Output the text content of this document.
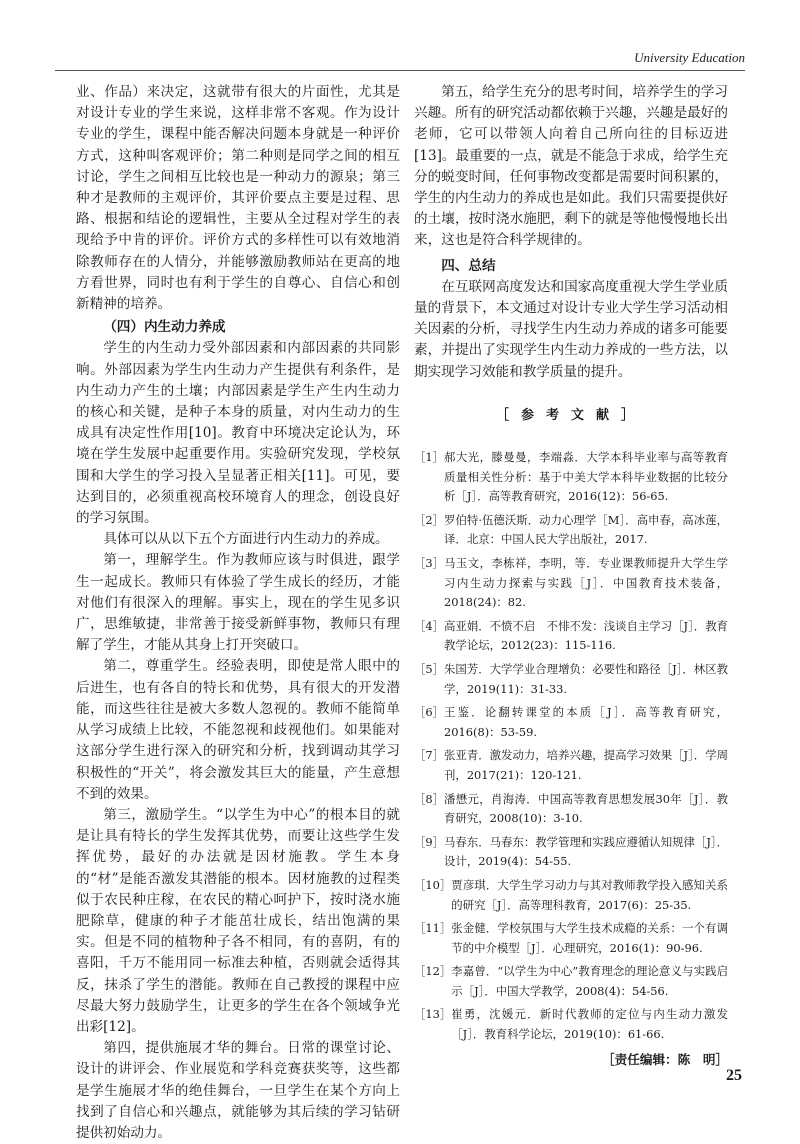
University Education

业、作品）来决定，这就带有很大的片面性，尤其是对设计专业的学生来说，这样非常不客观。作为设计专业的学生，课程中能否解决问题本身就是一种评价方式，这种叫客观评价；第二种则是同学之间的相互讨论，学生之间相互比较也是一种动力的源泉；第三种才是教师的主观评价，其评价要点主要是过程、思路、根据和结论的逻辑性，主要从全过程对学生的表现给予中肯的评价。评价方式的多样性可以有效地消除教师存在的人情分，并能够激励教师站在更高的地方看世界，同时也有利于学生的自尊心、自信心和创新精神的培养。

（四）内生动力养成

学生的内生动力受外部因素和内部因素的共同影响。外部因素为学生内生动力产生提供有利条件，是内生动力产生的土壤；内部因素是学生产生内生动力的核心和关键，是种子本身的质量，对内生动力的生成具有决定性作用[10]。教育中环境决定论认为，环境在学生发展中起重要作用。实验研究发现，学校氛围和大学生的学习投入呈显著正相关[11]。可见，要达到目的，必须重视高校环境育人的理念，创设良好的学习氛围。

具体可以从以下五个方面进行内生动力的养成。

第一，理解学生。作为教师应该与时俱进，跟学生一起成长。教师只有体验了学生成长的经历，才能对他们有很深入的理解。事实上，现在的学生见多识广，思维敏捷，非常善于接受新鲜事物，教师只有理解了学生，才能从其身上打开突破口。

第二，尊重学生。经验表明，即使是常人眼中的后进生，也有各自的特长和优势，具有很大的开发潜能，而这些往往是被大多数人忽视的。教师不能简单从学习成绩上比较，不能忽视和歧视他们。如果能对这部分学生进行深入的研究和分析，找到调动其学习积极性的“开关”，将会激发其巨大的能量，产生意想不到的效果。

第三，激励学生。“以学生为中心”的根本目的就是让具有特长的学生发挥其优势，而要让这些学生发挥优势，最好的办法就是因材施教。学生本身的“材”是能否激发其潜能的根本。因材施教的过程类似于农民种庄稼，在农民的精心呵护下，按时浇水施肥除草，健康的种子才能茁壮成长，结出饱满的果实。但是不同的植物种子各不相同，有的喜阴，有的喜阳，千万不能用同一标准去种植，否则就会适得其反，抹杀了学生的潜能。教师在自己教授的课程中应尽最大努力鼓励学生，让更多的学生在各个领域争光出彩[12]。

第四，提供施展才华的舞台。日常的课堂讨论、设计的讲评会、作业展览和学科竞赛获奖等，这些都是学生施展才华的绝佳舞台，一旦学生在某个方向上找到了自信心和兴趣点，就能够为其后续的学习钻研提供初始动力。

第五，给学生充分的思考时间，培养学生的学习兴趣。所有的研究活动都依赖于兴趣，兴趣是最好的老师，它可以带领人向着自己所向往的目标迈进[13]。最重要的一点，就是不能急于求成，给学生充分的蜕变时间，任何事物改变都是需要时间积累的，学生的内生动力的养成也是如此。我们只需要提供好的土壤，按时浇水施肥，剩下的就是等他慢慢地长出来，这也是符合科学规律的。

四、总结

在互联网高度发达和国家高度重视大学生学业质量的背景下，本文通过对设计专业大学生学习活动相关因素的分析，寻找学生内生动力养成的诸多可能要素，并提出了实现学生内生动力养成的一些方法，以期实现学习效能和教学质量的提升。

［参考文献］
［1］ 郝大光，滕曼曼，李端淼．大学本科毕业率与高等教育质量相关性分析：基于中美大学本科毕业数据的比较分析［J］．高等教育研究，2016(12)：56-65.
［2］ 罗伯特·伍德沃斯．动力心理学［M］．高申春，高冰莲，译．北京：中国人民大学出版社，2017.
［3］ 马玉文，李栋祥，李明，等．专业课教师提升大学生学习内生动力探索与实践［J］．中国教育技术装备，2018(24)：82.
［4］ 高亚娟．不愤不启　不悱不发：浅谈自主学习［J］．教育教学论坛，2012(23)：115-116.
［5］ 朱国芳．大学学业合理增负：必要性和路径［J］．林区教学，2019(11)：31-33.
［6］ 王鉴．论翻转课堂的本质［J］．高等教育研究，2016(8)：53-59.
［7］ 张亚青．激发动力，培养兴趣，提高学习效果［J］．学周刊，2017(21)：120-121.
［8］ 潘懋元，肖海涛．中国高等教育思想发展30年［J］．教育研究，2008(10)：3-10.
［9］ 马春东．马春东：教学管理和实践应遵循认知规律［J］．设计，2019(4)：54-55.
［10］ 贾彦琪．大学生学习动力与其对教师教学投入感知关系的研究［J］．高等理科教育，2017(6)：25-35.
［11］ 张金健．学校氛围与大学生技术成瘾的关系：一个有调节的中介模型［J］．心理研究，2016(1)：90-96.
［12］ 李嘉曾．“以学生为中心”教育理念的理论意义与实践启示［J］．中国大学教学，2008(4)：54-56.
［13］ 崔勇，沈媛元．新时代教师的定位与内生动力激发［J］．教育科学论坛，2019(10)：61-66.
［责任编辑：陈　明］
25
